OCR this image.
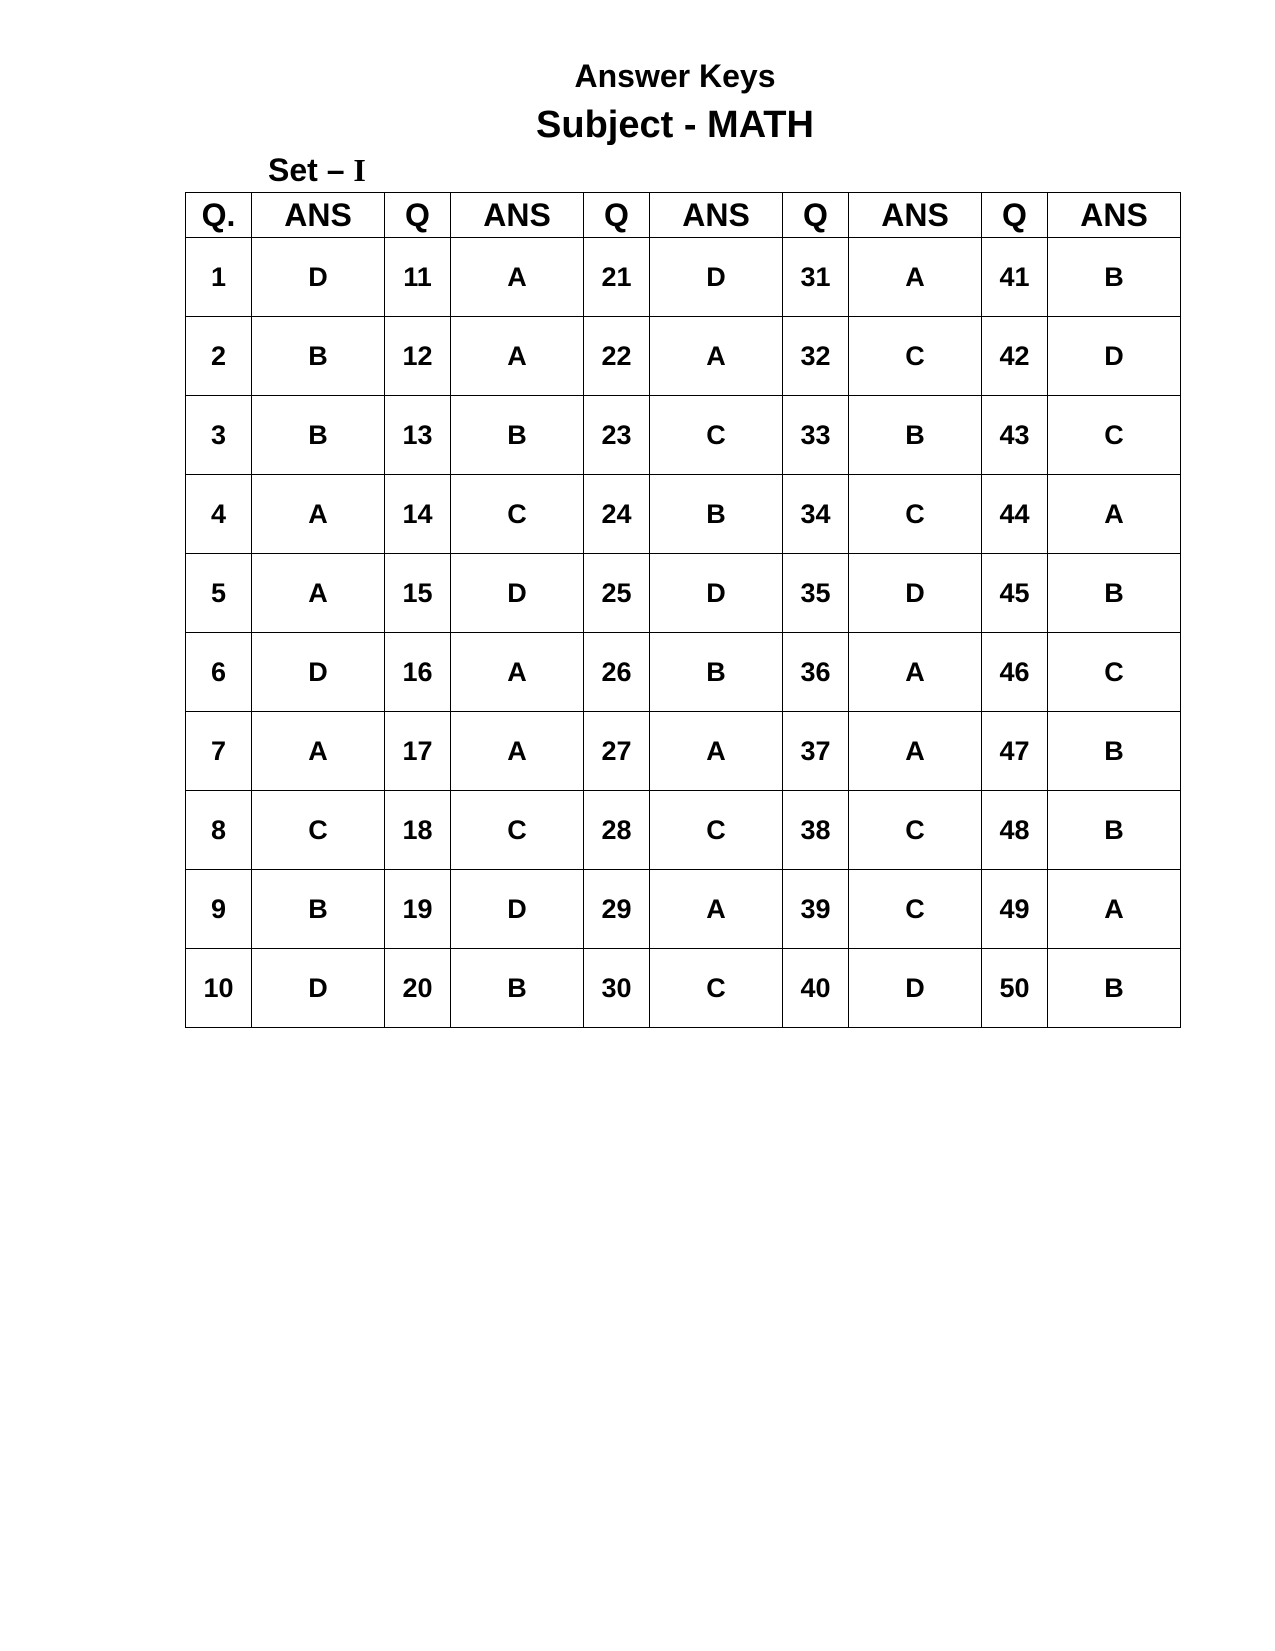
Answer Keys
Subject - MATH

Set – I

Q.	ANS	Q	ANS	Q	ANS	Q	ANS	Q	ANS
1	D	11	A	21	D	31	A	41	B
2	B	12	A	22	A	32	C	42	D
3	B	13	B	23	C	33	B	43	C
4	A	14	C	24	B	34	C	44	A
5	A	15	D	25	D	35	D	45	B
6	D	16	A	26	B	36	A	46	C
7	A	17	A	27	A	37	A	47	B
8	C	18	C	28	C	38	C	48	B
9	B	19	D	29	A	39	C	49	A
10	D	20	B	30	C	40	D	50	B
